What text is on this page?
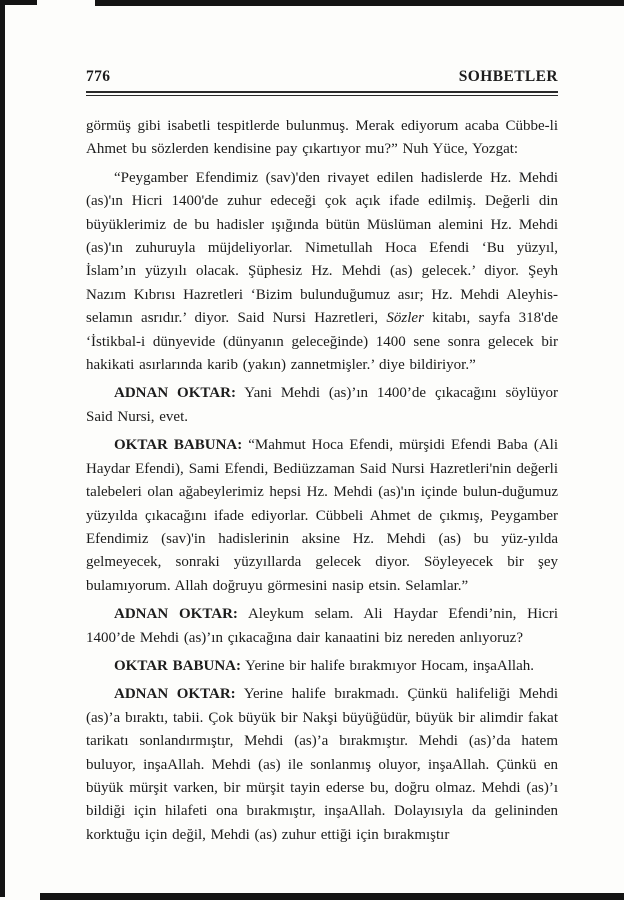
776	SOHBETLER

görmüş gibi isabetli tespitlerde bulunmuş. Merak ediyorum acaba Cübbe-li Ahmet bu sözlerden kendisine pay çıkartıyor mu?” Nuh Yüce, Yozgat:

“Peygamber Efendimiz (sav)'den rivayet edilen hadislerde Hz. Mehdi (as)'ın Hicri 1400'de zuhur edeceği çok açık ifade edilmiş. Değerli din büyüklerimiz de bu hadisler ışığında bütün Müslüman alemini Hz. Mehdi (as)'ın zuhuruyla müjdeliyorlar. Nimetullah Hoca Efendi ‘Bu yüzyıl, İslam’ın yüzyılı olacak. Şüphesiz Hz. Mehdi (as) gelecek.’ diyor. Şeyh Nazım Kıbrısı Hazretleri ‘Bizim bulunduğumuz asır; Hz. Mehdi Aleyhis-selamın asrıdır.’ diyor. Said Nursi Hazretleri, Sözler kitabı, sayfa 318'de ‘İstikbal-i dünyevide (dünyanın geleceğinde) 1400 sene sonra gelecek bir hakikati asırlarında karib (yakın) zannetmişler.’ diye bildiriyor.”

ADNAN OKTAR: Yani Mehdi (as)’ın 1400’de çıkacağını söylüyor Said Nursi, evet.

OKTAR BABUNA: “Mahmut Hoca Efendi, mürşidi Efendi Baba (Ali Haydar Efendi), Sami Efendi, Bediüzzaman Said Nursi Hazretleri'nin değerli talebeleri olan ağabeylerimiz hepsi Hz. Mehdi (as)'ın içinde bulun-duğumuz yüzyılda çıkacağını ifade ediyorlar. Cübbeli Ahmet de çıkmış, Peygamber Efendimiz (sav)'in hadislerinin aksine Hz. Mehdi (as) bu yüz-yılda gelmeyecek, sonraki yüzyıllarda gelecek diyor. Söyleyecek bir şey bulamıyorum. Allah doğruyu görmesini nasip etsin. Selamlar.”

ADNAN OKTAR: Aleykum selam. Ali Haydar Efendi’nin, Hicri 1400’de Mehdi (as)’ın çıkacağına dair kanaatini biz nereden anlıyoruz?

OKTAR BABUNA: Yerine bir halife bırakmıyor Hocam, inşaAllah.

ADNAN OKTAR: Yerine halife bırakmadı. Çünkü halifeliği Mehdi (as)’a bıraktı, tabii. Çok büyük bir Nakşi büyüğüdür, büyük bir alimdir fakat tarikatı sonlandırmıştır, Mehdi (as)’a bırakmıştır. Mehdi (as)’da hatem buluyor, inşaAllah. Mehdi (as) ile sonlanmış oluyor, inşaAllah. Çünkü en büyük mürşit varken, bir mürşit tayin ederse bu, doğru olmaz. Mehdi (as)’ı bildiği için hilafeti ona bırakmıştır, inşaAllah. Dolayısıyla da gelininden korktuğu için değil, Mehdi (as) zuhur ettiği için bırakmıştır
